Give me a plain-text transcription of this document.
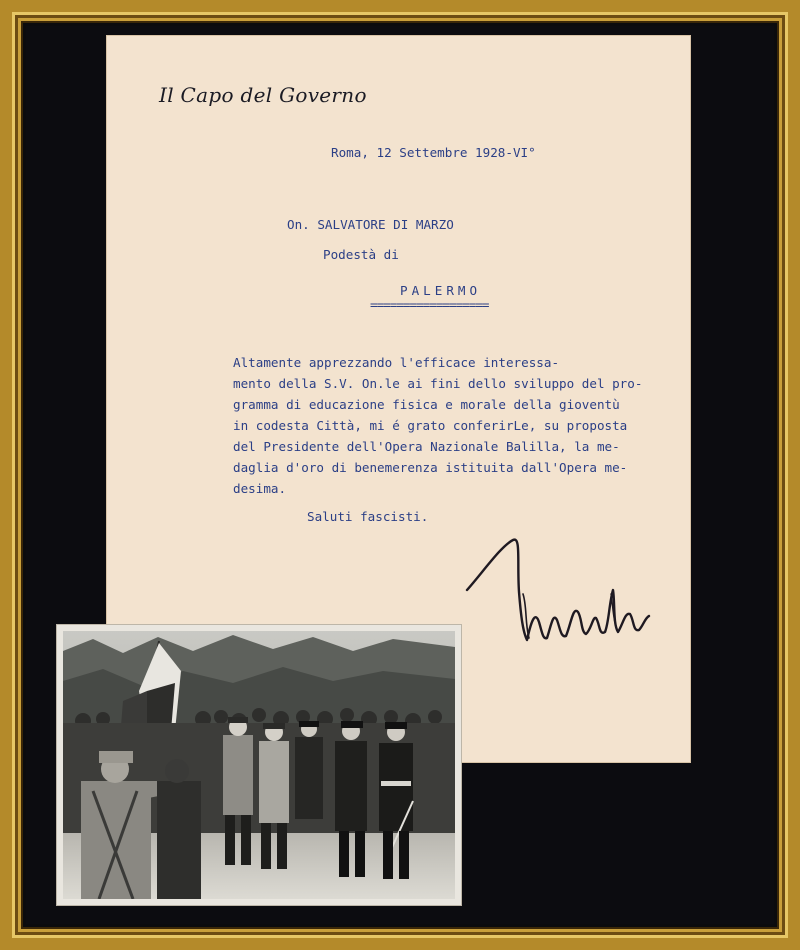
Il Capo del Governo
Roma, 12 Settembre 1928-VI°
On. SALVATORE DI MARZO
Podestà di
PALERMO
==================
Altamente apprezzando l'efficace interessa-
mento della S.V. On.le ai fini dello sviluppo del pro-
gramma di educazione fisica e morale della gioventù
in codesta Città, mi é grato conferirLe, su proposta
del Presidente dell'Opera Nazionale Balilla, la me-
daglia d'oro di benemerenza istituita dall'Opera me-
desima.
Saluti fascisti.
